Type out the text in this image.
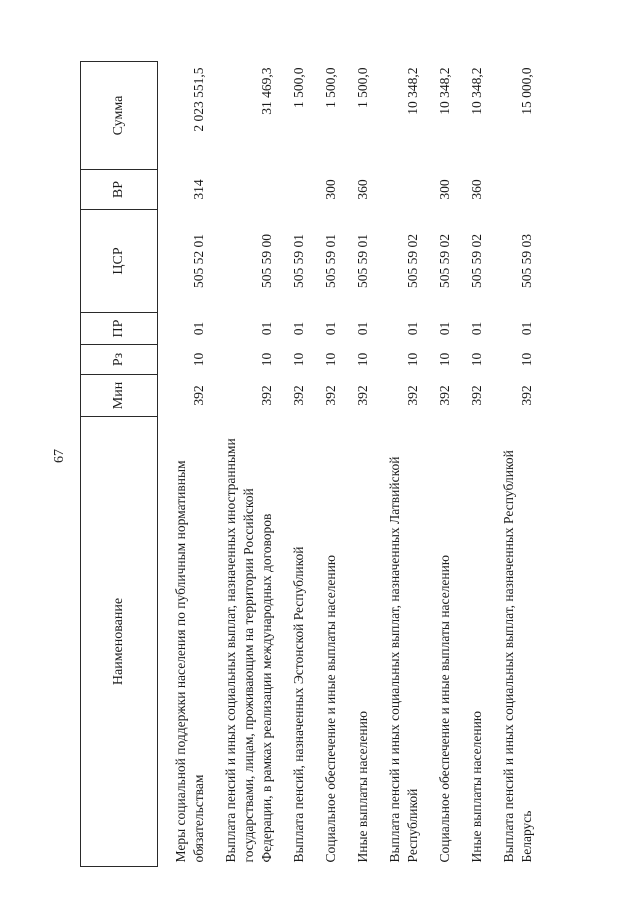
67
Наименование	Мин	Рз	ПР	ЦСР	ВР	Сумма

Меры социальной поддержки населения по публичным нормативным обязательствам	392	10	01	505 52 01	314	2 023 551,5

Выплата пенсий и иных социальных выплат, назначенных иностранными государствами, лицам, проживающим на территории Российской Федерации, в рамках реализации международных договоров	392	10	01	505 59 00		31 469,3

Выплата пенсий, назначенных Эстонской Республикой	392	10	01	505 59 01		1 500,0

Социальное обеспечение и иные выплаты населению	392	10	01	505 59 01	300	1 500,0

Иные выплаты населению	392	10	01	505 59 01	360	1 500,0

Выплата пенсий и иных социальных выплат, назначенных Латвийской Республикой	392	10	01	505 59 02		10 348,2

Социальное обеспечение и иные выплаты населению	392	10	01	505 59 02	300	10 348,2

Иные выплаты населению	392	10	01	505 59 02	360	10 348,2

Выплата пенсий и иных социальных выплат, назначенных Республикой Беларусь	392	10	01	505 59 03		15 000,0
